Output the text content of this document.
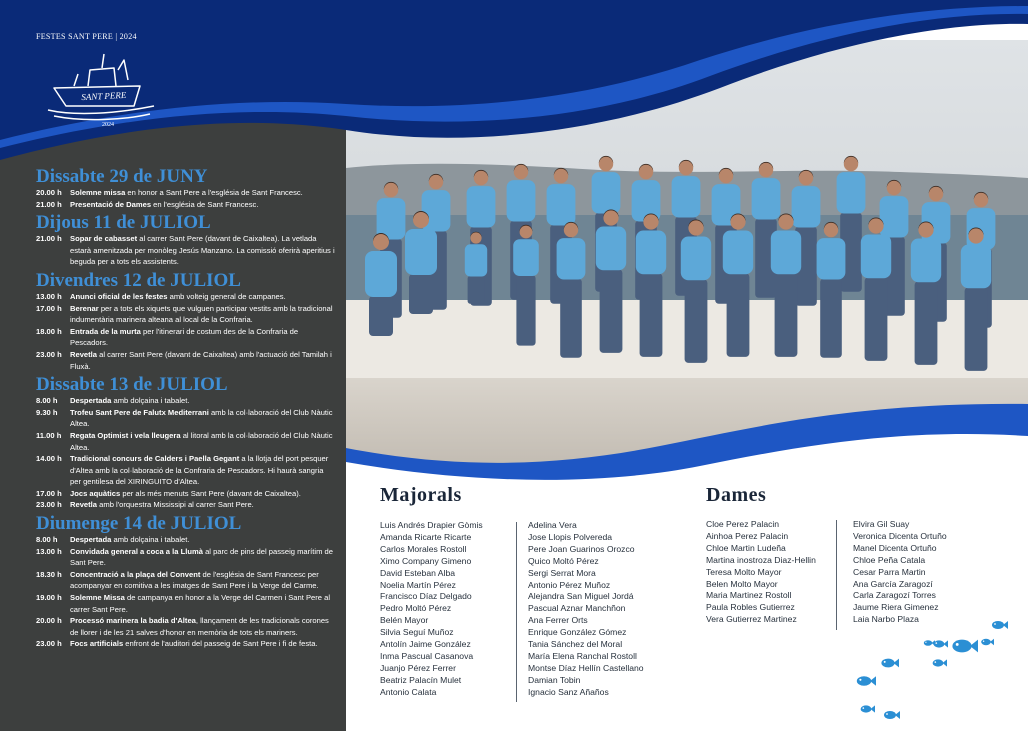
FESTES SANT PERE | 2024
SANT PERE
2024
Dissabte 29 de JUNY
20.00 h	Solemne missa en honor a Sant Pere a l'església de Sant Francesc.
21.00 h	Presentació de Dames en l'església de Sant Francesc.
Dijous 11 de JULIOL
21.00 h	Sopar de cabasset al carrer Sant Pere (davant de Caixaltea). La vetlada estarà amenitzada per monòleg Jesús Manzano. La comissió oferirà aperitius i beguda per a tots els assistents.
Divendres 12 de JULIOL
13.00 h	Anunci oficial de les festes amb volteig general de campanes.
17.00 h	Berenar per a tots els xiquets que vulguen participar vestits amb la tradicional indumentària marinera alteana al local de la Confraria.
18.00 h	Entrada de la murta per l'itinerari de costum des de la Confraria de Pescadors.
23.00 h	Revetla al carrer Sant Pere (davant de Caixaltea) amb l'actuació del Tamilah i Fluxà.
Dissabte 13 de JULIOL
8.00 h	Despertada amb dolçaina i tabalet.
9.30 h	Trofeu Sant Pere de Falutx Mediterrani amb la col·laboració del Club Nàutic Altea.
11.00 h	Regata Optimist i vela lleugera al litoral amb la col·laboració del Club Nàutic Altea.
14.00 h	Tradicional concurs de Calders i Paella Gegant a la llotja del port pesquer d'Altea amb la col·laboració de la Confraria de Pescadors. Hi haurà sangria per gentilesa del XIRINGUITO d'Altea.
17.00 h	Jocs aquàtics per als més menuts Sant Pere (davant de Caixaltea).
23.00 h	Revetla amb l'orquestra Mississipi al carrer Sant Pere.
Diumenge 14 de JULIOL
8.00 h	Despertada amb dolçaina i tabalet.
13.00 h	Convidada general a coca a la Llumà al parc de pins del passeig marítim de Sant Pere.
18.30 h	Concentració a la plaça del Convent de l'església de Sant Francesc per acompanyar en comitiva a les imatges de Sant Pere i la Verge del Carme.
19.00 h	Solemne Missa de campanya en honor a la Verge del Carmen i Sant Pere al carrer Sant Pere.
20.00 h	Processó marinera la badia d'Altea, llançament de les tradicionals corones de llorer i de les 21 salves d'honor en memòria de tots els mariners.
23.00 h	Focs artificials enfront de l'auditori del passeig de Sant Pere i fi de festa.
Majorals
Luis Andrés Drapier Gòmis
Amanda Ricarte Ricarte
Carlos Morales Rostoll
Ximo Company Gimeno
David Esteban Alba
Noelia Martín Pérez
Francisco Díaz Delgado
Pedro Moltó Pérez
Belén Mayor
Silvia Seguí Muñoz
Antolín Jaime González
Inma Pascual Casanova
Juanjo Pérez Ferrer
Beatriz Palacín Mulet
Antonio Calata
Adelina Vera
Jose Llopis Polvereda
Pere Joan Guarinos Orozco
Quico Moltó Pérez
Sergi Serrat Mora
Antonio Pérez Muñoz
Alejandra San Miguel Jordá
Pascual Aznar Manchñon
Ana Ferrer Orts
Enrique González Gómez
Tania Sánchez del Moral
María Elena Ranchal Rostoll
Montse Díaz Hellín Castellano
Damian Tobin
Ignacio Sanz Añaños
Dames
Cloe Perez Palacin
Ainhoa Perez Palacin
Chloe Martin Ludeña
Martina inostroza Diaz-Hellin
Teresa Molto Mayor
Belen Molto Mayor
Maria Martinez Rostoll
Paula Robles Gutierrez
Vera Gutierrez Martinez
Elvira Gil Suay
Veronica Dicenta Ortuño
Manel Dicenta Ortuño
Chloe Peña Catala
Cesar Parra Martin
Ana García Zaragozí
Carla Zaragozí Torres
Jaume Riera Gimenez
Laia Narbo Plaza
